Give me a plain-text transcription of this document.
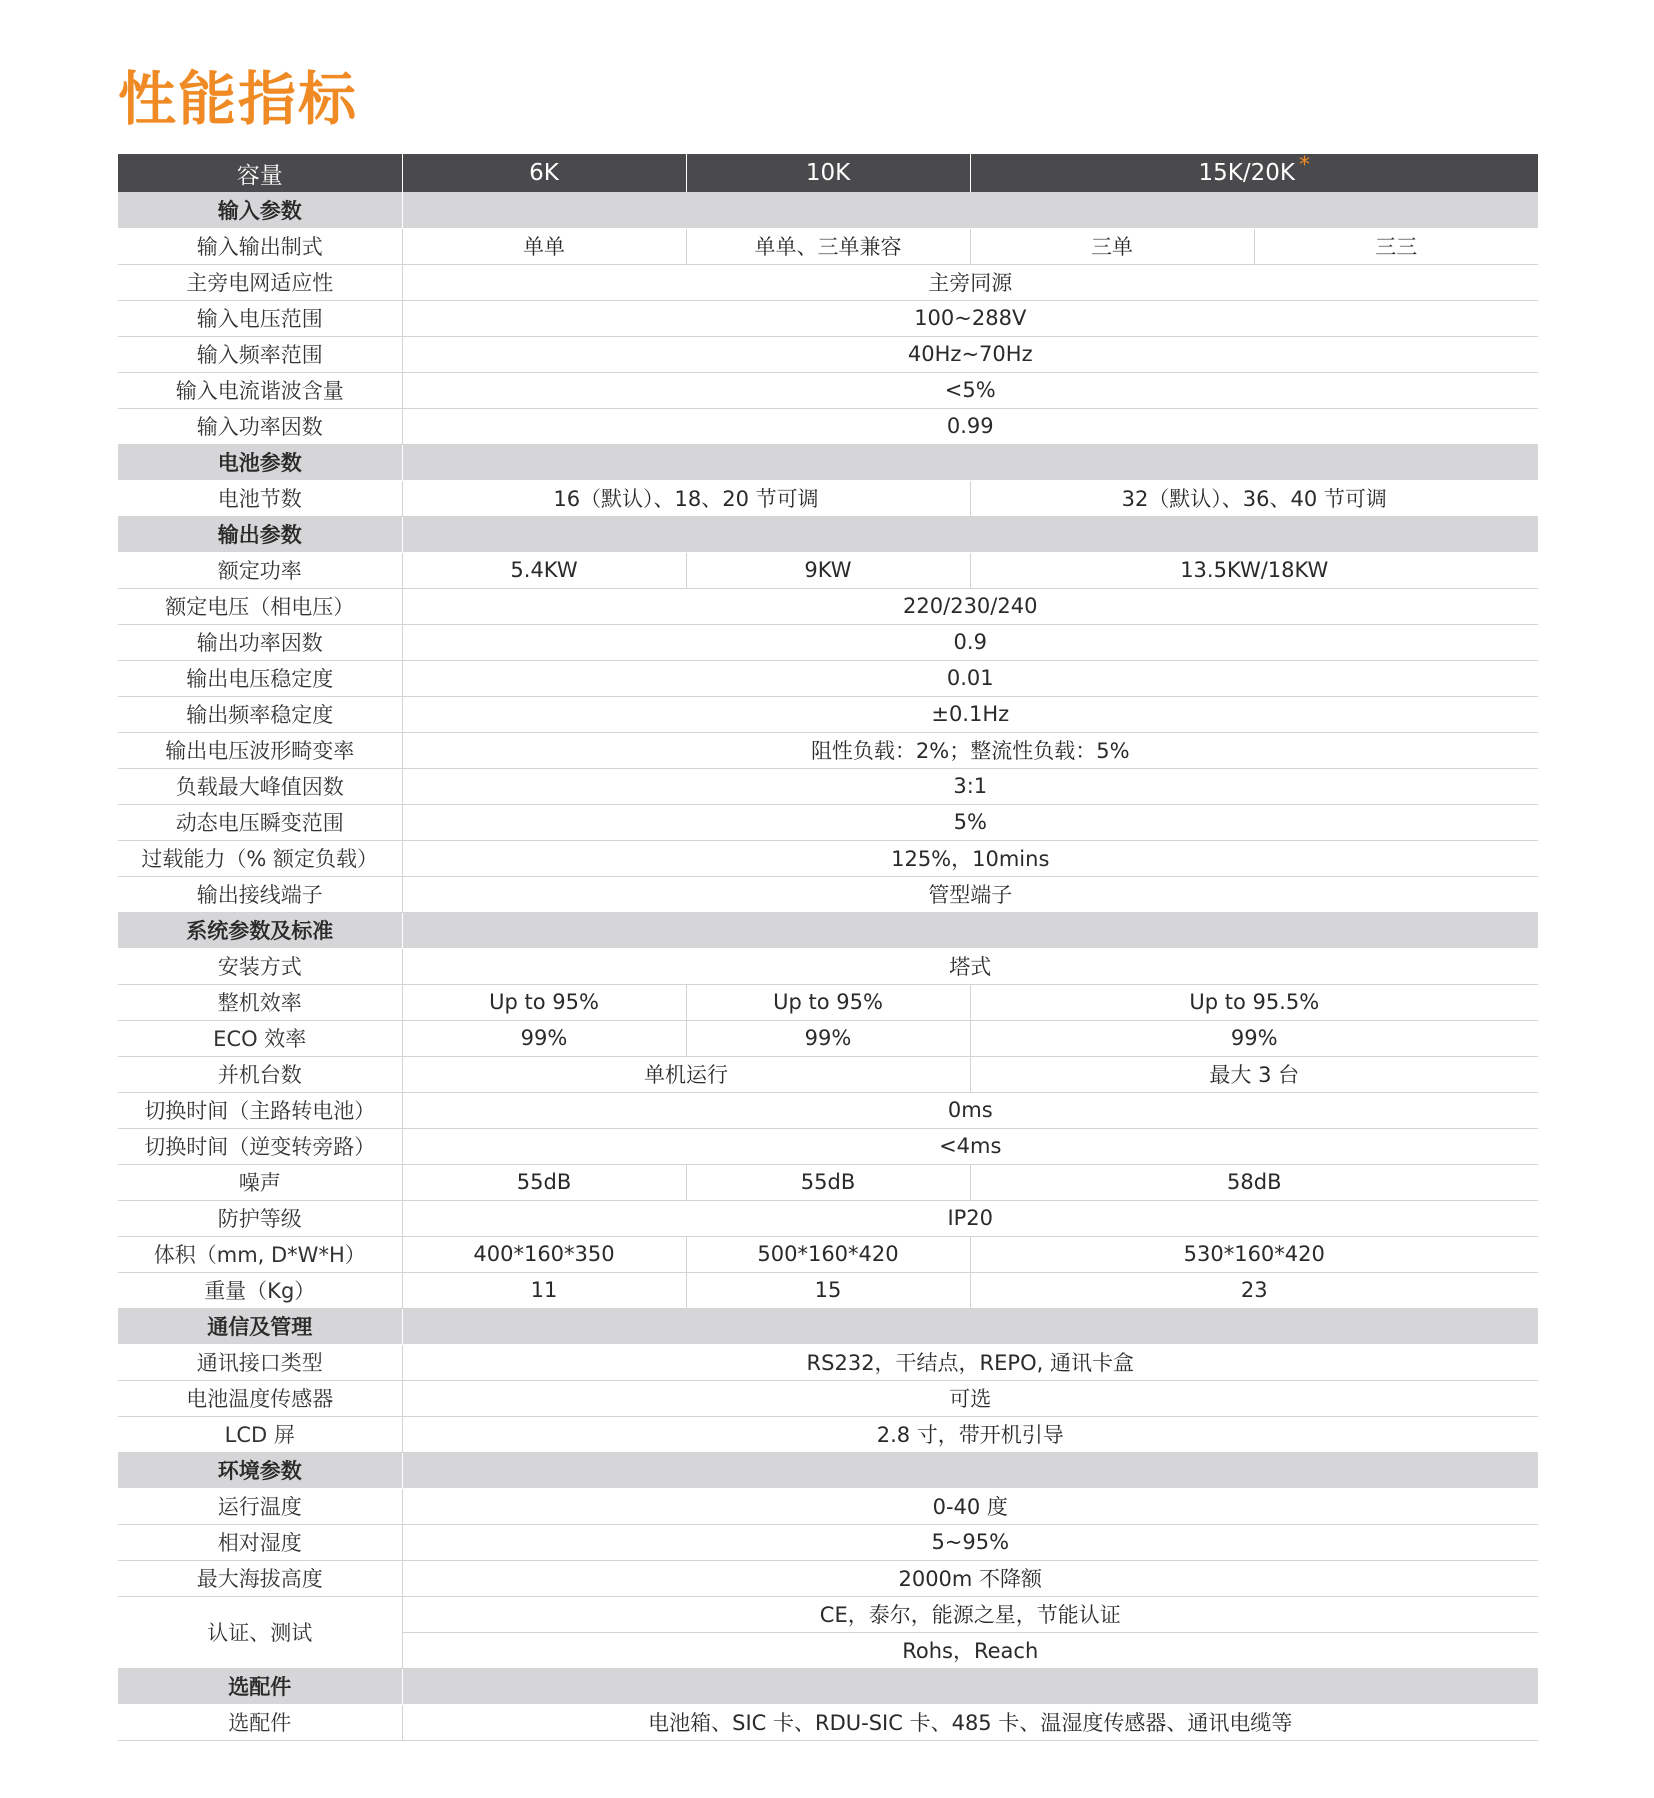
性能指标
容量	6K	10K	15K/20K *	
输入参数				
输入输出制式	单单	单单、三单兼容	三单	三三
主旁电网适应性	主旁同源			
输入电压范围	100~288V			
输入频率范围	40Hz~70Hz			
输入电流谐波含量	<5%			
输入功率因数	0.99			
电池参数				
电池节数	16（默认）、18、20 节可调		32（默认）、36、40 节可调	
输出参数				
额定功率	5.4KW	9KW	13.5KW/18KW	
额定电压（相电压）	220/230/240			
输出功率因数	0.9			
输出电压稳定度	0.01			
输出频率稳定度	±0.1Hz			
输出电压波形畸变率	阻性负载：2%；整流性负载：5%			
负载最大峰值因数	3:1			
动态电压瞬变范围	5%			
过载能力（% 额定负载）	125%，10mins			
输出接线端子	管型端子			
系统参数及标准				
安装方式	塔式			
整机效率	Up to 95%	Up to 95%	Up to 95.5%	
ECO 效率	99%	99%	99%	
并机台数	单机运行		最大 3 台	
切换时间（主路转电池）	0ms			
切换时间（逆变转旁路）	<4ms			
噪声	55dB	55dB	58dB	
防护等级	IP20			
体积（mm, D*W*H）	400*160*350	500*160*420	530*160*420	
重量（Kg）	11	15	23	
通信及管理				
通讯接口类型	RS232，干结点，REPO, 通讯卡盒			
电池温度传感器	可选			
LCD 屏	2.8 寸，带开机引导			
环境参数				
运行温度	0-40 度			
相对湿度	5~95%			
最大海拔高度	2000m 不降额			
认证、测试	CE，泰尔，能源之星，节能认证			
	Rohs，Reach			
选配件				
选配件	电池箱、SIC 卡、RDU-SIC 卡、485 卡、温湿度传感器、通讯电缆等			
